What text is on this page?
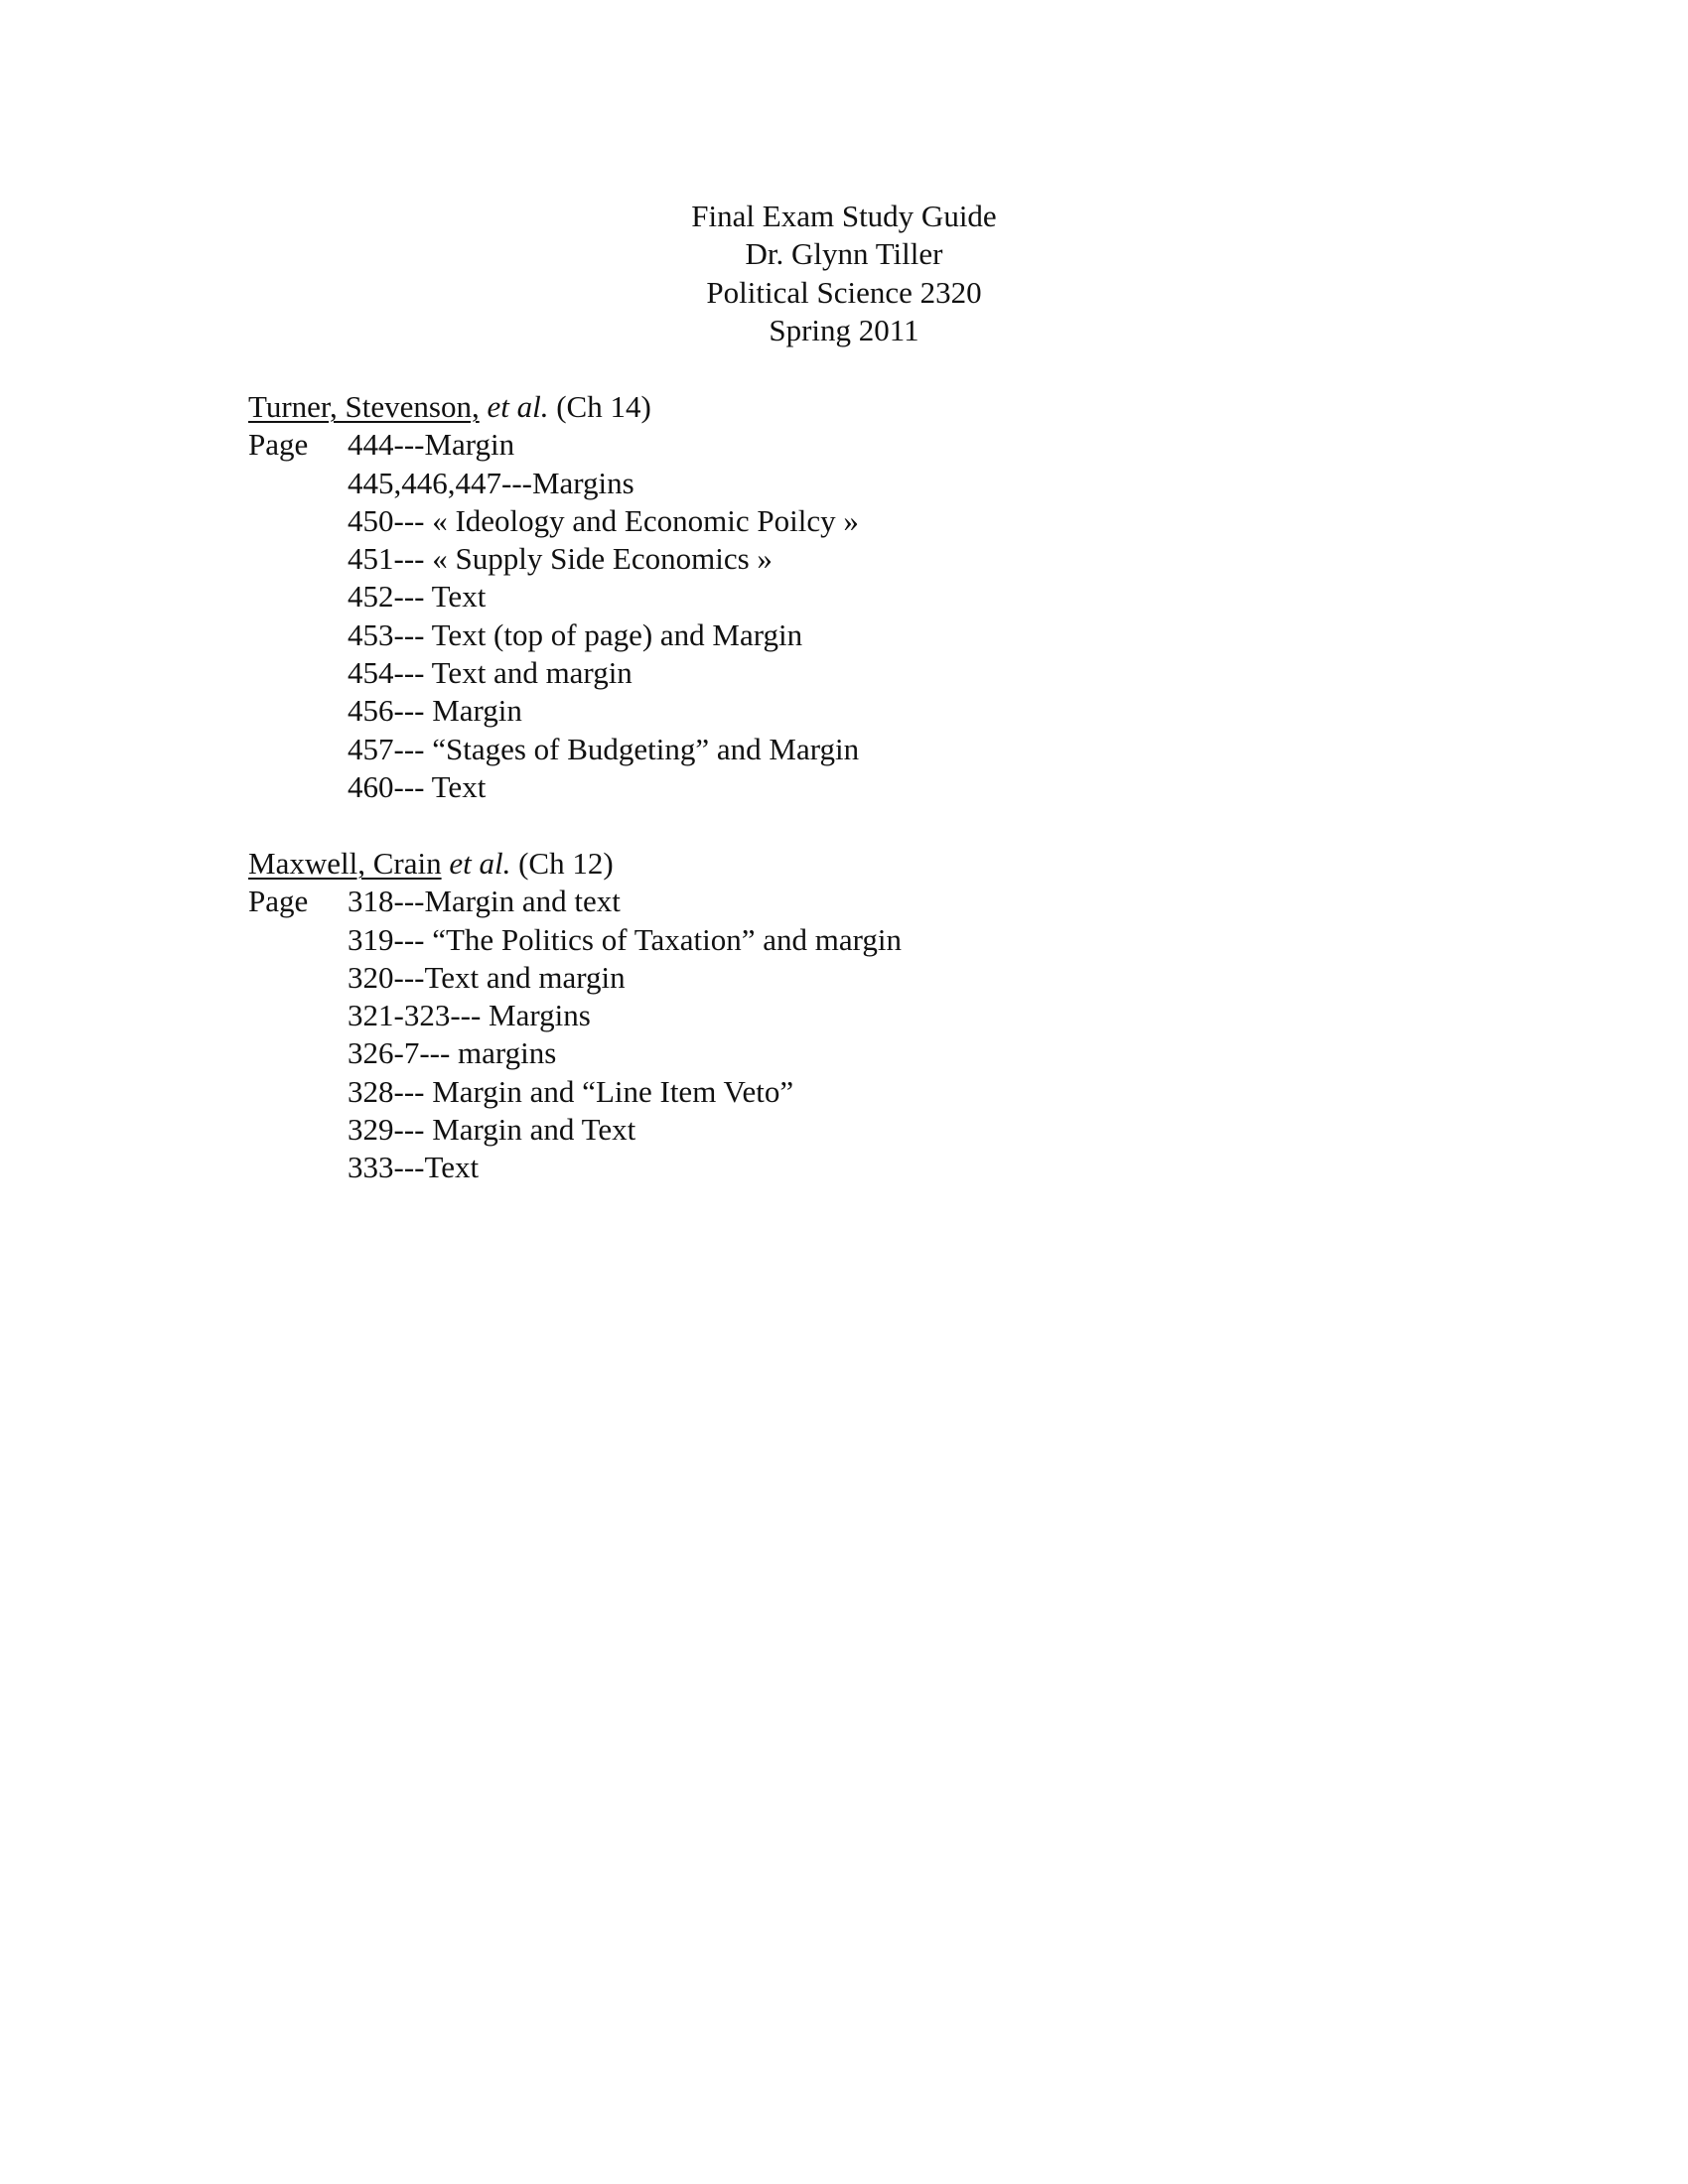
Final Exam Study Guide
Dr. Glynn Tiller
Political Science 2320
Spring 2011
Turner, Stevenson, et al. (Ch 14)

Page

444---Margin

445,446,447---Margins
450--- « Ideology and Economic Poilcy »
451--- « Supply Side Economics »
452--- Text
453--- Text (top of page) and Margin
454--- Text and margin
456--- Margin
457--- “Stages of Budgeting” and Margin
460--- Text
Maxwell, Crain et al. (Ch 12)

Page

318---Margin and text

319--- “The Politics of Taxation” and margin
320---Text and margin
321-323--- Margins
326-7--- margins
328--- Margin and “Line Item Veto”
329--- Margin and Text
333---Text
